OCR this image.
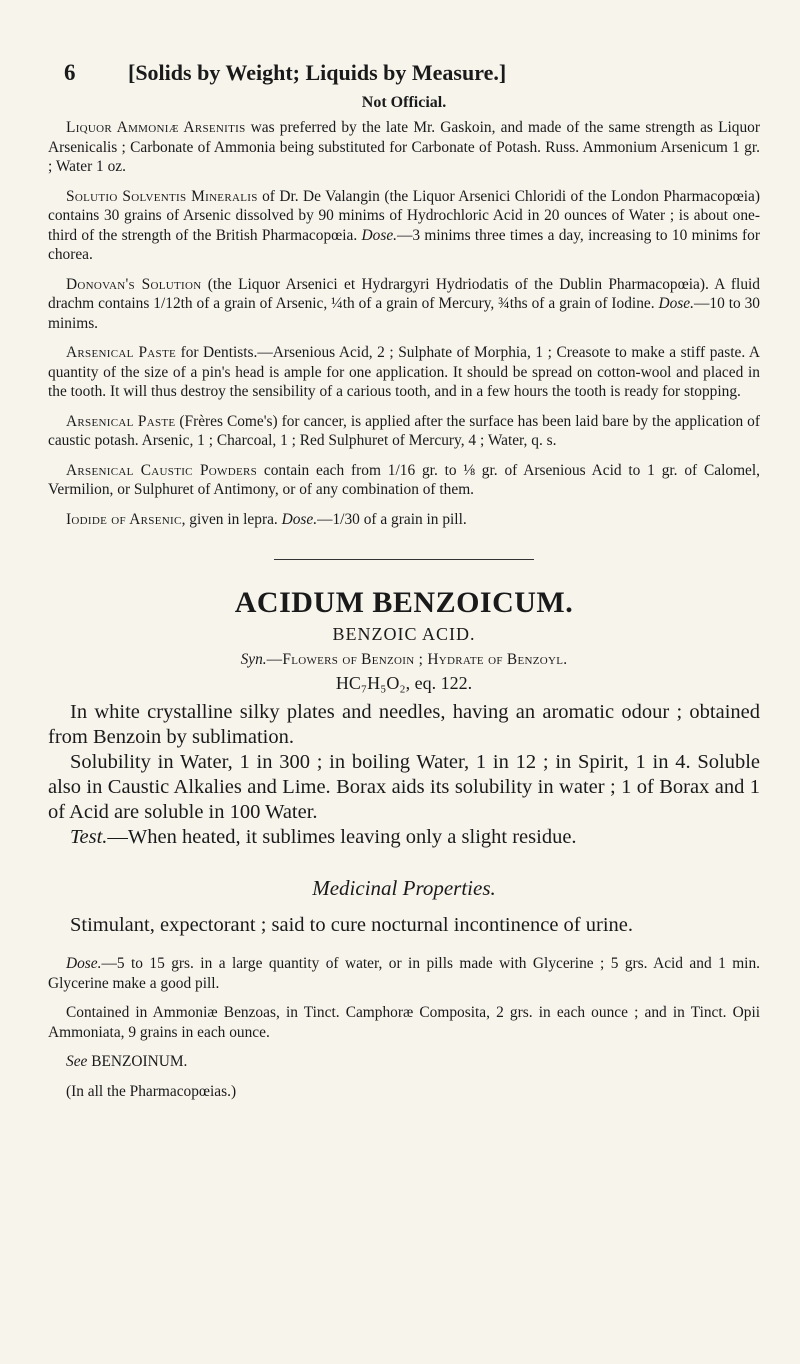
6 [Solids by Weight; Liquids by Measure.]
Not Official.

Liquor Ammoniæ Arsenitis was preferred by the late Mr. Gaskoin, and made of the same strength as Liquor Arsenicalis ; Carbonate of Ammonia being substituted for Carbonate of Potash. Russ. Ammonium Arsenicum 1 gr. ; Water 1 oz.

Solutio Solventis Mineralis of Dr. De Valangin (the Liquor Arsenici Chloridi of the London Pharmacopœia) contains 30 grains of Arsenic dissolved by 90 minims of Hydrochloric Acid in 20 ounces of Water ; is about one-third of the strength of the British Pharmacopœia. Dose.—3 minims three times a day, increasing to 10 minims for chorea.

Donovan's Solution (the Liquor Arsenici et Hydrargyri Hydriodatis of the Dublin Pharmacopœia). A fluid drachm contains 1/12th of a grain of Arsenic, ¼th of a grain of Mercury, ¾ths of a grain of Iodine. Dose.—10 to 30 minims.

Arsenical Paste for Dentists.—Arsenious Acid, 2 ; Sulphate of Morphia, 1 ; Creasote to make a stiff paste. A quantity of the size of a pin's head is ample for one application. It should be spread on cotton-wool and placed in the tooth. It will thus destroy the sensibility of a carious tooth, and in a few hours the tooth is ready for stopping.

Arsenical Paste (Frères Come's) for cancer, is applied after the surface has been laid bare by the application of caustic potash. Arsenic, 1 ; Charcoal, 1 ; Red Sulphuret of Mercury, 4 ; Water, q. s.

Arsenical Caustic Powders contain each from 1/16 gr. to ⅛ gr. of Arsenious Acid to 1 gr. of Calomel, Vermilion, or Sulphuret of Antimony, or of any combination of them.

Iodide of Arsenic, given in lepra. Dose.—1/30 of a grain in pill.

ACIDUM BENZOICUM.
BENZOIC ACID.
Syn.—Flowers of Benzoin ; Hydrate of Benzoyl.
HC₇H₅O₂, eq. 122.

In white crystalline silky plates and needles, having an aromatic odour ; obtained from Benzoin by sublimation.

Solubility in Water, 1 in 300 ; in boiling Water, 1 in 12 ; in Spirit, 1 in 4. Soluble also in Caustic Alkalies and Lime. Borax aids its solubility in water ; 1 of Borax and 1 of Acid are soluble in 100 Water.

Test.—When heated, it sublimes leaving only a slight residue.

Medicinal Properties.

Stimulant, expectorant ; said to cure nocturnal incontinence of urine.

Dose.—5 to 15 grs. in a large quantity of water, or in pills made with Glycerine ; 5 grs. Acid and 1 min. Glycerine make a good pill.

Contained in Ammoniæ Benzoas, in Tinct. Camphoræ Composita, 2 grs. in each ounce ; and in Tinct. Opii Ammoniata, 9 grains in each ounce.

See BENZOINUM.

(In all the Pharmacopœias.)
